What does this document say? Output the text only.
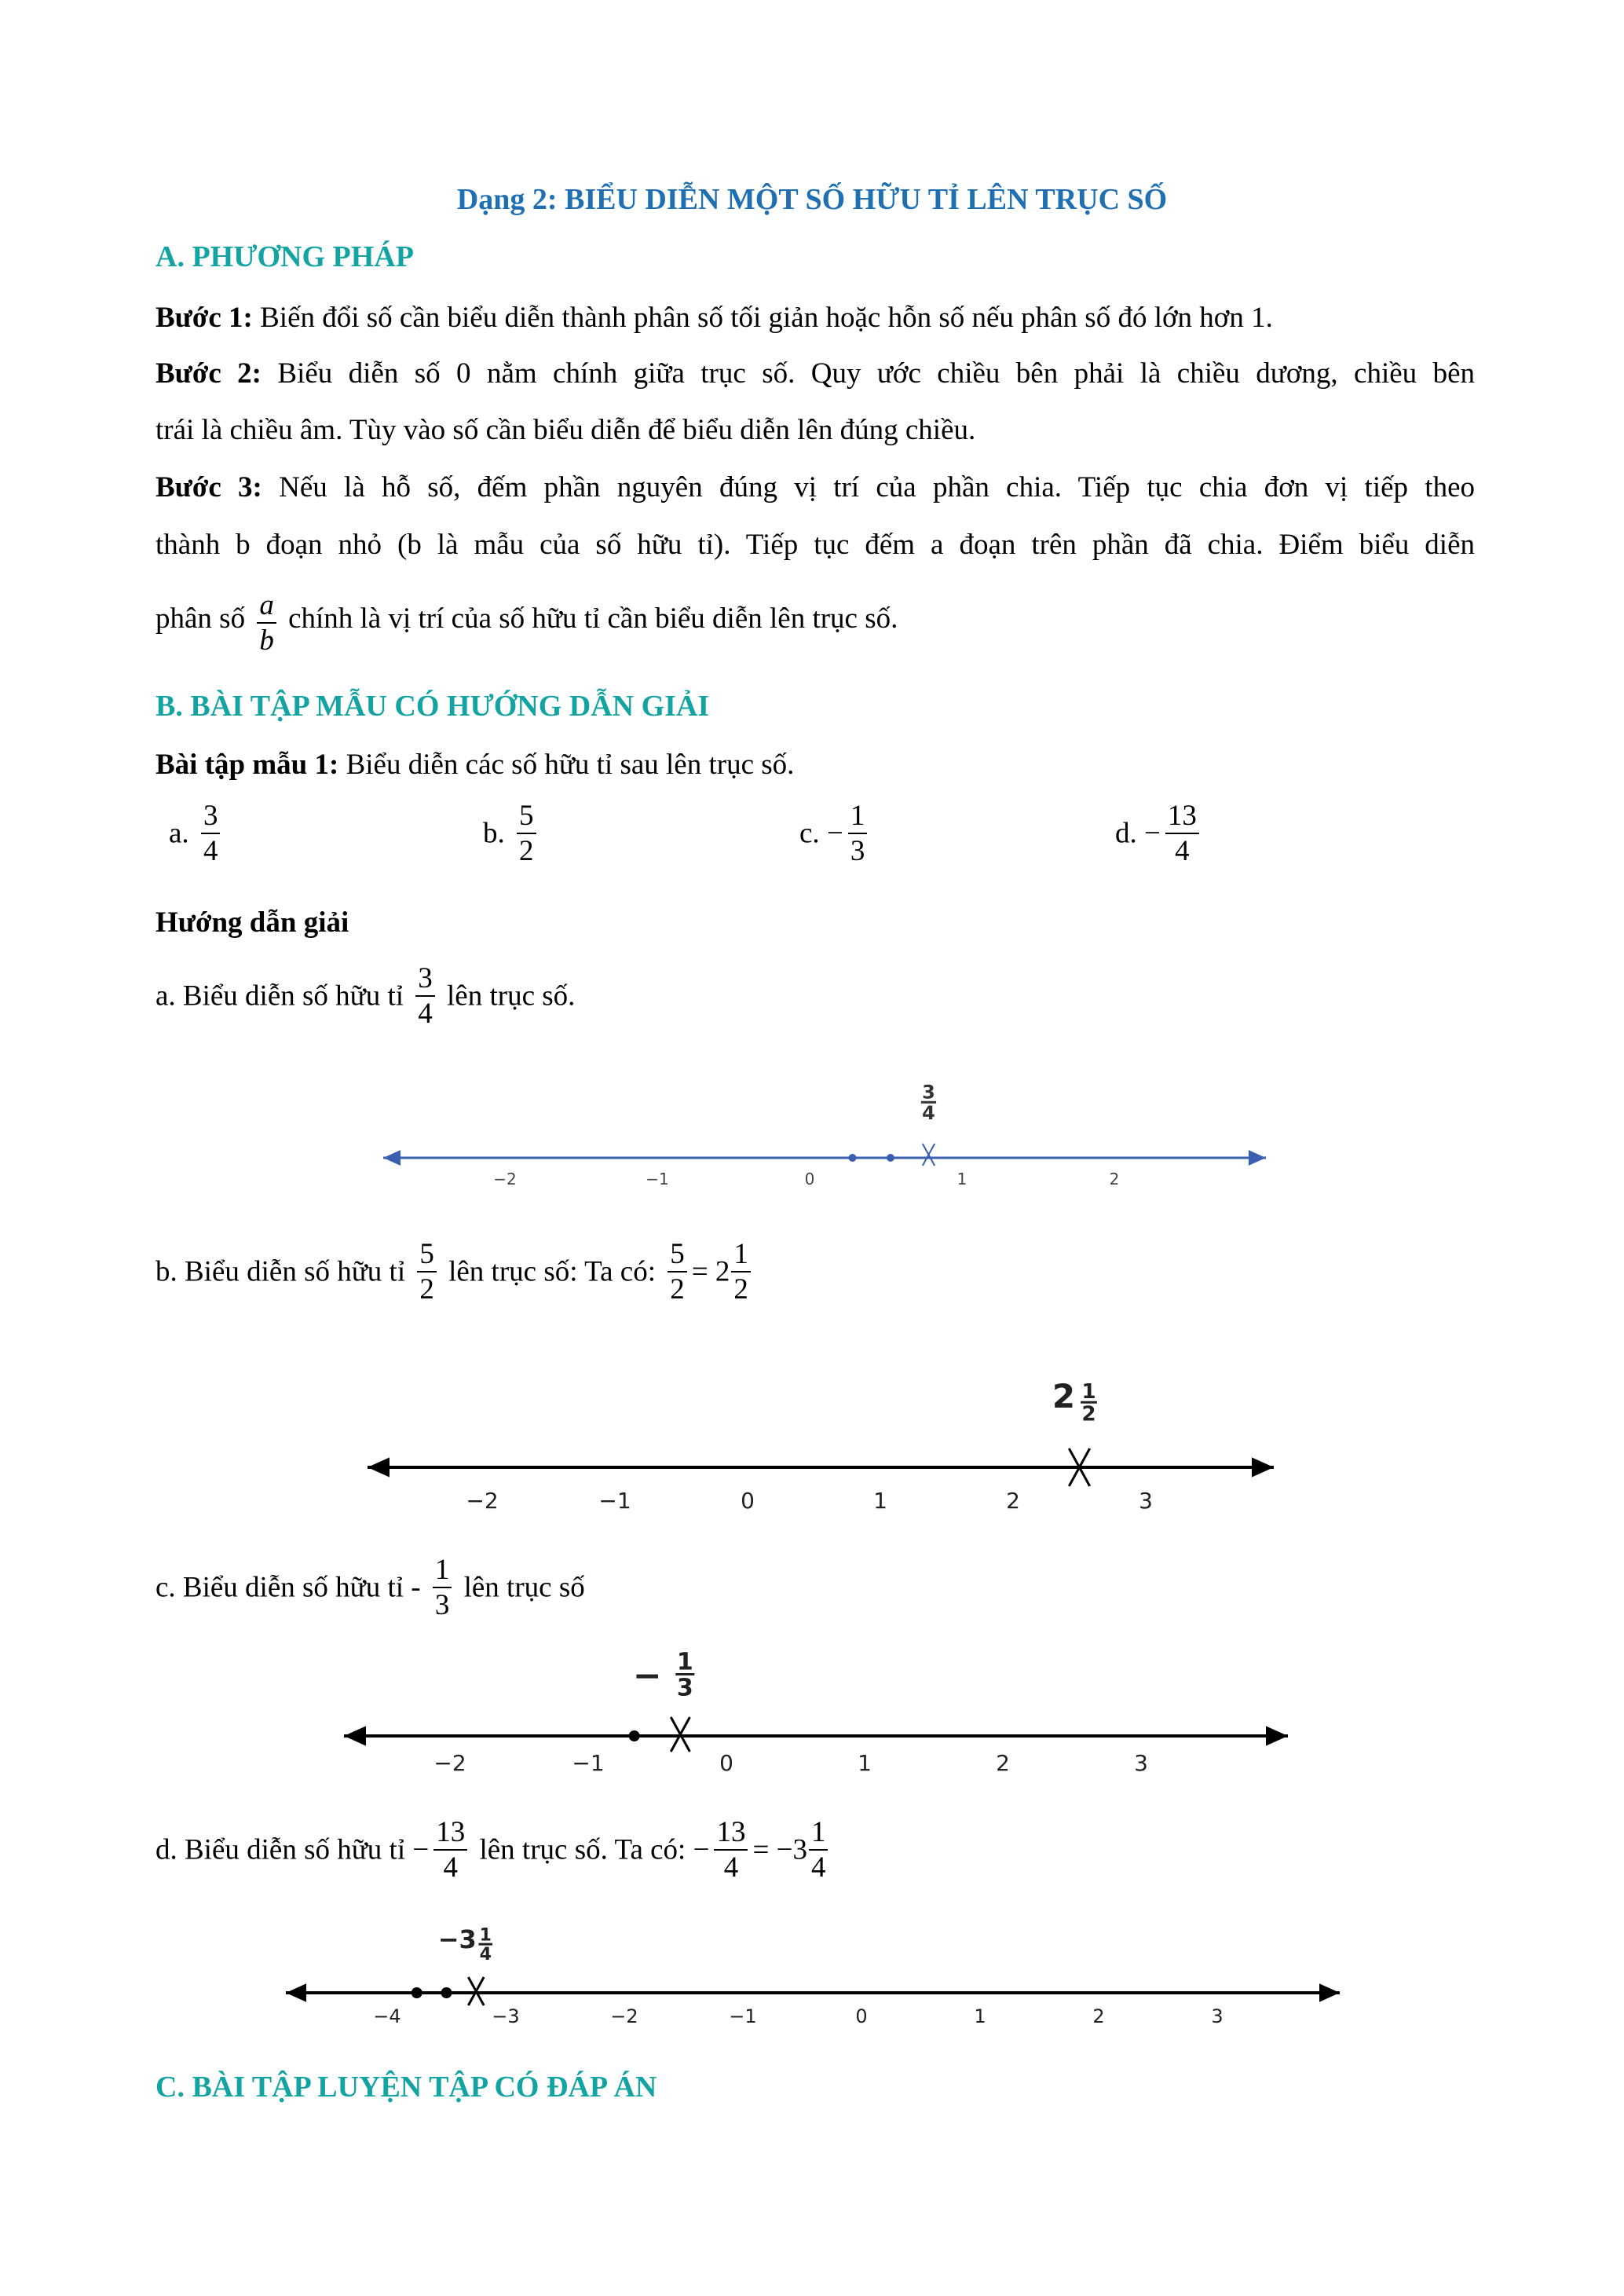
Dạng 2: BIỂU DIỄN MỘT SỐ HỮU TỈ LÊN TRỤC SỐ
A. PHƯƠNG PHÁP
Bước 1: Biến đổi số cần biểu diễn thành phân số tối giản hoặc hỗn số nếu phân số đó lớn hơn 1.
Bước 2: Biểu diễn số 0 nằm chính giữa trục số. Quy ước chiều bên phải là chiều dương, chiều bên
trái là chiều âm. Tùy vào số cần biểu diễn để biểu diễn lên đúng chiều.
Bước 3: Nếu là hỗ số, đếm phần nguyên đúng vị trí của phần chia. Tiếp tục chia đơn vị tiếp theo
thành b đoạn nhỏ (b là mẫu của số hữu tỉ). Tiếp tục đếm a đoạn trên phần đã chia. Điểm biểu diễn
phân số $\frac{a}{b}$ chính là vị trí của số hữu tỉ cần biểu diễn lên trục số.
B. BÀI TẬP MẪU CÓ HƯỚNG DẪN GIẢI
Bài tập mẫu 1: Biểu diễn các số hữu tỉ sau lên trục số.
a. $\frac{3}{4}$	b. $\frac{5}{2}$	c. − $\frac{1}{3}$	d. − $\frac{13}{4}$
Hướng dẫn giải
a. Biểu diễn số hữu tỉ $\frac{3}{4}$ lên trục số.
−2	−1	0	1	2
3
4
−2	−1	0	1	2	3
2 1
2
−2	−1	0	1	2	3
− 1
3
−4	−3	−2	−1	0	1	2	3
−3 1
4
b. Biểu diễn số hữu tỉ $\frac{5}{2}$ lên trục số: Ta có: $\frac{5}{2} = 2 \frac{1}{2}$
c. Biểu diễn số hữu tỉ - $\frac{1}{3}$ lên trục số
d. Biểu diễn số hữu tỉ − $\frac{13}{4}$ lên trục số. Ta có: − $\frac{13}{4} = -3 \frac{1}{4}$
C. BÀI TẬP LUYỆN TẬP CÓ ĐÁP ÁN
